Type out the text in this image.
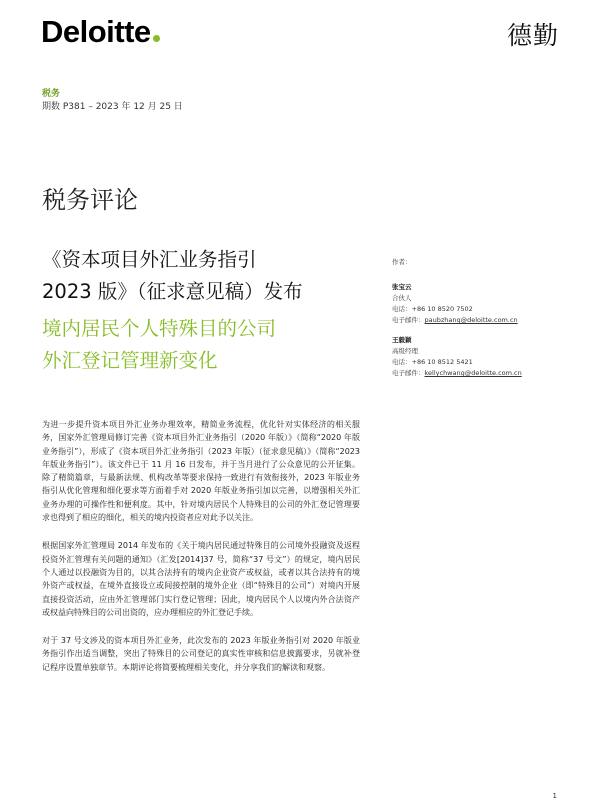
Deloitte	德勤
税务
期数 P381 – 2023 年 12 月 25 日
税务评论
《资本项目外汇业务指引
2023 版》（征求意见稿）发布
境内居民个人特殊目的公司
外汇登记管理新变化
作者：
张宝云
合伙人
电话：+86 10 8520 7502
电子邮件：paubzhang@deloitte.com.cn
王毅颖
高级经理
电话：+86 10 8512 5421
电子邮件：kellychwang@deloitte.com.cn

为进一步提升资本项目外汇业务办理效率，精简业务流程，优化针对实体经济的相关服务，国家外汇管理局修订完善《资本项目外汇业务指引（2020 年版）》（简称“2020 年版业务指引”），形成了《资本项目外汇业务指引（2023 年版）（征求意见稿）》（简称“2023 年版业务指引”）。该文件已于 11 月 16 日发布，并于当月进行了公众意见的公开征集。除了精简篇章，与最新法规、机构改革等要求保持一致进行有效衔接外，2023 年版业务指引从优化管理和细化要求等方面着手对 2020 年版业务指引加以完善，以增强相关外汇业务办理的可操作性和便利度。其中，针对境内居民个人特殊目的公司的外汇登记管理要求也得到了相应的细化，相关的境内投资者应对此予以关注。

根据国家外汇管理局 2014 年发布的《关于境内居民通过特殊目的公司境外投融资及返程投资外汇管理有关问题的通知》（汇发[2014]37 号，简称“37 号文”）的规定，境内居民个人通过以投融资为目的，以其合法持有的境内企业资产或权益，或者以其合法持有的境外资产或权益，在境外直接设立或间接控制的境外企业（即“特殊目的公司”）对境内开展直接投资活动，应由外汇管理部门实行登记管理；因此，境内居民个人以境内外合法资产或权益向特殊目的公司出资的，应办理相应的外汇登记手续。

对于 37 号文涉及的资本项目外汇业务，此次发布的 2023 年版业务指引对 2020 年版业务指引作出适当调整，突出了特殊目的公司登记的真实性审核和信息披露要求，另就补登记程序设置单独章节。本期评论将简要梳理相关变化，并分享我们的解读和观察。

1
